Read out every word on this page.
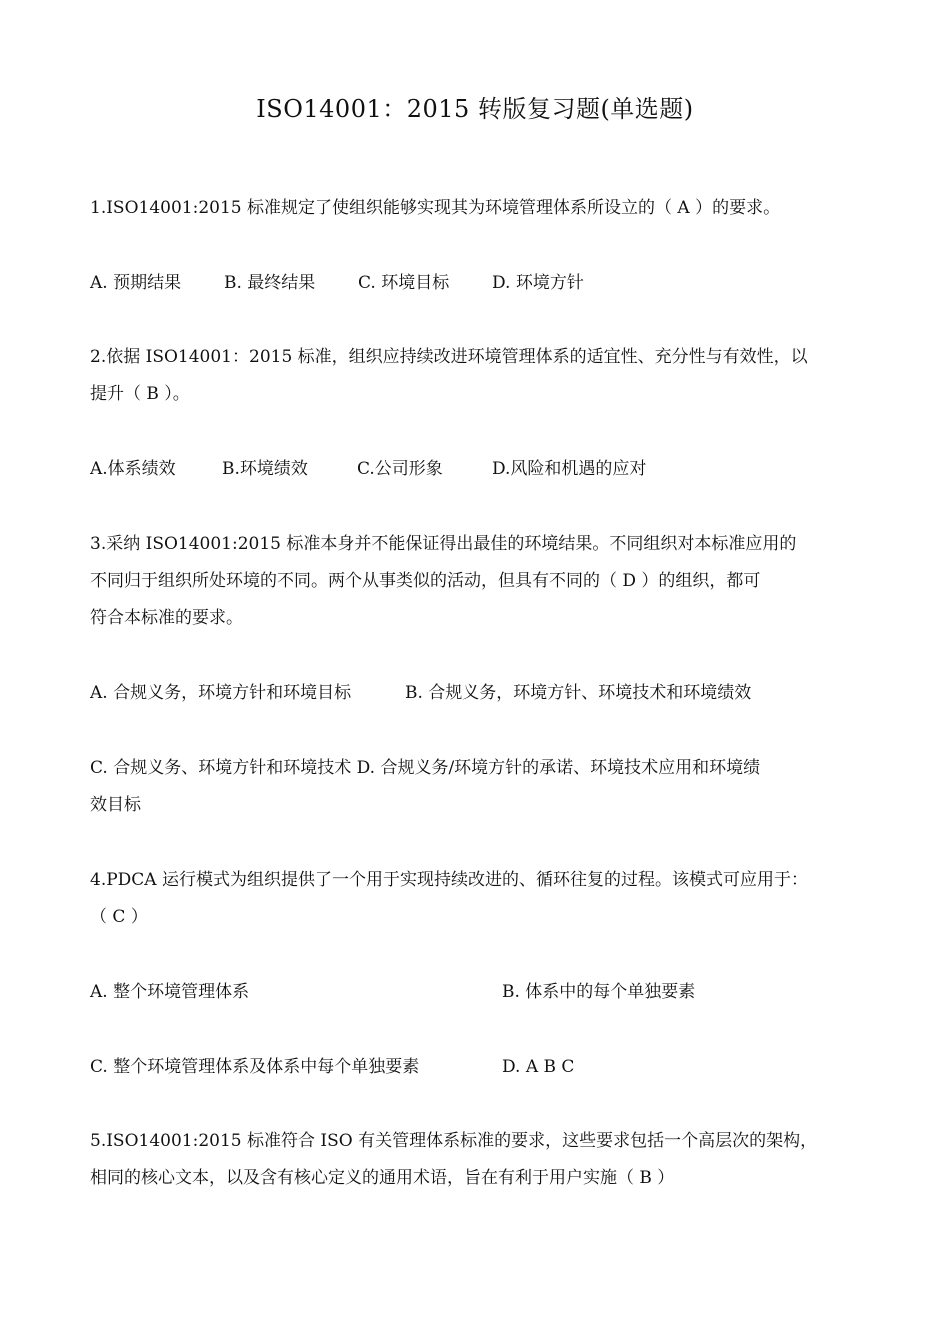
ISO14001：2015 转版复习题(单选题)
1.ISO14001:2015 标准规定了使组织能够实现其为环境管理体系所设立的（ A ）的要求。
A. 预期结果	B. 最终结果	C. 环境目标	D. 环境方针
2.依据 ISO14001：2015 标准，组织应持续改进环境管理体系的适宜性、充分性与有效性，以
提升（ B ）。
A.体系绩效	B.环境绩效	C.公司形象	D.风险和机遇的应对
3.采纳 ISO14001:2015 标准本身并不能保证得出最佳的环境结果。不同组织对本标准应用的
不同归于组织所处环境的不同。两个从事类似的活动，但具有不同的（ D ）的组织，都可
符合本标准的要求。
A. 合规义务，环境方针和环境目标	B. 合规义务，环境方针、环境技术和环境绩效
C. 合规义务、环境方针和环境技术 D. 合规义务/环境方针的承诺、环境技术应用和环境绩
效目标
4.PDCA 运行模式为组织提供了一个用于实现持续改进的、循环往复的过程。该模式可应用于：
（ C ）
A. 整个环境管理体系	B. 体系中的每个单独要素
C. 整个环境管理体系及体系中每个单独要素	D. A B C
5.ISO14001:2015 标准符合 ISO 有关管理体系标准的要求，这些要求包括一个高层次的架构，
相同的核心文本，以及含有核心定义的通用术语，旨在有利于用户实施（ B ）
